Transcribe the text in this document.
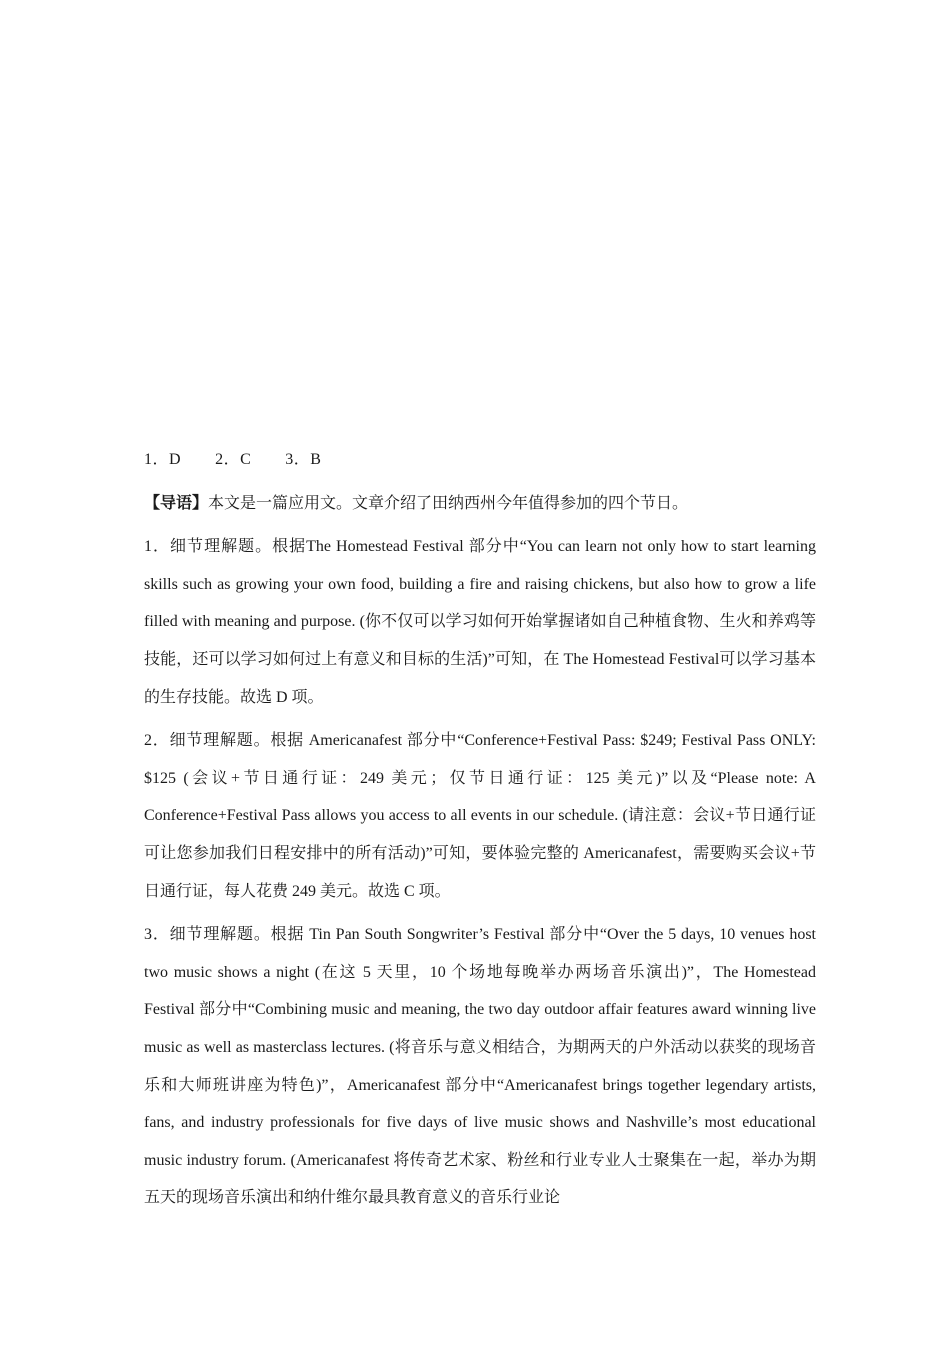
1．D 2．C 3．B
【导语】本文是一篇应用文。文章介绍了田纳西州今年值得参加的四个节日。
1．细节理解题。根据The Homestead Festival 部分中“You can learn not only how to start learning skills such as growing your own food, building a fire and raising chickens, but also how to grow a life filled with meaning and purpose. (你不仅可以学习如何开始掌握诸如自己种植食物、生火和养鸡等技能，还可以学习如何过上有意义和目标的生活)”可知，在 The Homestead Festival可以学习基本的生存技能。故选 D 项。
2．细节理解题。根据 Americanafest 部分中“Conference+Festival Pass: $249; Festival Pass ONLY: $125 (会议+节日通行证：249 美元；仅节日通行证：125 美元)”以及“Please note: A Conference+Festival Pass allows you access to all events in our schedule. (请注意：会议+节日通行证可让您参加我们日程安排中的所有活动)”可知，要体验完整的 Americanafest，需要购买会议+节日通行证，每人花费 249 美元。故选 C 项。
3．细节理解题。根据 Tin Pan South Songwriter’s Festival 部分中“Over the 5 days, 10 venues host two music shows a night (在这 5 天里，10 个场地每晚举办两场音乐演出)”，The Homestead Festival 部分中“Combining music and meaning, the two day outdoor affair features award winning live music as well as masterclass lectures. (将音乐与意义相结合，为期两天的户外活动以获奖的现场音乐和大师班讲座为特色)”，Americanafest 部分中“Americanafest brings together legendary artists, fans, and industry professionals for five days of live music shows and Nashville’s most educational music industry forum. (Americanafest 将传奇艺术家、粉丝和行业专业人士聚集在一起，举办为期五天的现场音乐演出和纳什维尔最具教育意义的音乐行业论
